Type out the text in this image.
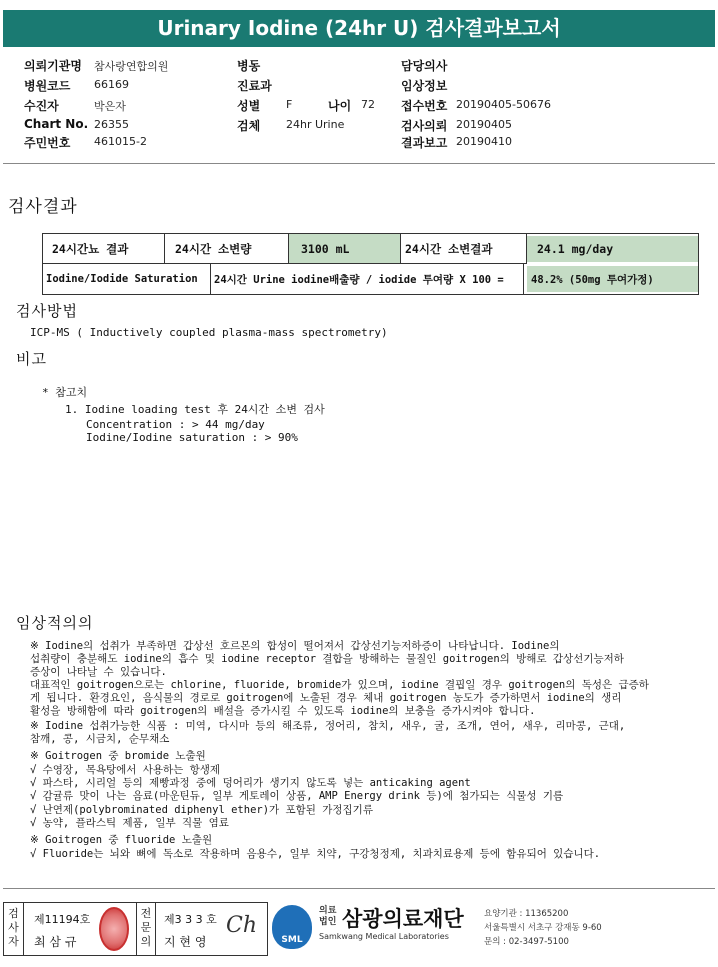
Urinary Iodine (24hr U) 검사결과보고서
의뢰기관명 참사랑연합의원
병원코드 66169
수진자	박은자
Chart No. 26355
주민번호 461015-2
병동
진료과
성별 F	나이 72
검체 24hr Urine
담당의사
임상정보
접수번호 20190405-50676
검사의뢰 20190405
결과보고 20190410
검사결과
24시간뇨 결과	24시간 소변량	3100 mL	24시간 소변결과	24.1 mg/day
Iodine/Iodide Saturation	24시간 Urine iodine배출량 / iodide 투여량 X 100 =	48.2% (50mg 투여가정)
검사방법
ICP-MS ( Inductively coupled plasma-mass spectrometry)
비고
* 참고치
1. Iodine loading test 후 24시간 소변 검사
Concentration : > 44 mg/day
Iodine/Iodine saturation : > 90%
임상적의의
※ Iodine의 섭취가 부족하면 갑상선 호르몬의 합성이 떨어져서 갑상선기능저하증이 나타납니다. Iodine의
섭취량이 충분해도 iodine의 흡수 및 iodine receptor 결합을 방해하는 물질인 goitrogen의 방해로 갑상선기능저하
증상이 나타날 수 있습니다.
대표적인 goitrogen으로는 chlorine, fluoride, bromide가 있으며, iodine 결핍일 경우 goitrogen의 독성은 급증하
게 됩니다. 환경요인, 음식물의 경로로 goitrogen에 노출된 경우 체내 goitrogen 농도가 증가하면서 iodine의 생리
활성을 방해함에 따라 goitrogen의 배설을 증가시킬 수 있도록 iodine의 보충을 증가시켜야 합니다.
※ Iodine 섭취가능한 식품 : 미역, 다시마 등의 해조류, 정어리, 참치, 새우, 굴, 조개, 연어, 새우, 리마콩, 근대,
참깨, 콩, 시금치, 순무채소
※ Goitrogen 중 bromide 노출원
√ 수영장, 목욕탕에서 사용하는 항생제
√ 파스타, 시리얼 등의 제빵과정 중에 덩어리가 생기지 않도록 넣는 anticaking agent
√ 감귤류 맛이 나는 음료(마운틴듀, 일부 게토레이 상품, AMP Energy drink 등)에 첨가되는 식물성 기름
√ 난연제(polybrominated diphenyl ether)가 포함된 가정집기류
√ 농약, 플라스틱 제품, 일부 직물 염료
※ Goitrogen 중 fluoride 노출원
√ Fluoride는 뇌와 뼈에 독소로 작용하며 음용수, 일부 치약, 구강청정제, 치과치료용제 등에 함유되어 있습니다.
검사자
제11194호
최 삼 규
전문의
제3 3 3 호
지 현 영
Ch
SML
의료
법인 삼광의료재단
Samkwang Medical Laboratories
요양기관 : 11365200
서울특별시 서초구 강재동 9-60
문의 : 02-3497-5100
